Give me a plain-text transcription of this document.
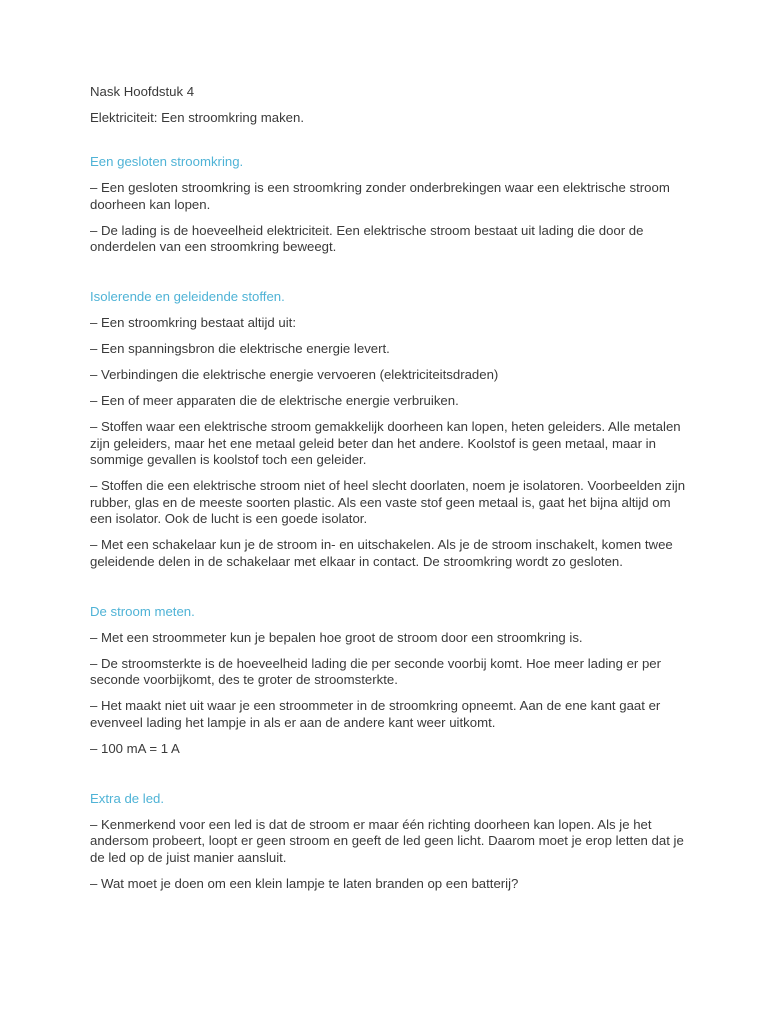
Nask Hoofdstuk 4
Elektriciteit: Een stroomkring maken.
Een gesloten stroomkring.
– Een gesloten stroomkring is een stroomkring zonder onderbrekingen waar een elektrische stroom doorheen kan lopen.
– De lading is de hoeveelheid elektriciteit. Een elektrische stroom bestaat uit lading die door de onderdelen van een stroomkring beweegt.
Isolerende en geleidende stoffen.
– Een stroomkring bestaat altijd uit:
– Een spanningsbron die elektrische energie levert.
– Verbindingen die elektrische energie vervoeren (elektriciteitsdraden)
– Een of meer apparaten die de elektrische energie verbruiken.
– Stoffen waar een elektrische stroom gemakkelijk doorheen kan lopen, heten geleiders. Alle metalen zijn geleiders, maar het ene metaal geleid beter dan het andere. Koolstof is geen metaal, maar in sommige gevallen is koolstof toch een geleider.
– Stoffen die een elektrische stroom niet of heel slecht doorlaten, noem je isolatoren. Voorbeelden zijn rubber, glas en de meeste soorten plastic. Als een vaste stof geen metaal is, gaat het bijna altijd om een isolator. Ook de lucht is een goede isolator.
– Met een schakelaar kun je de stroom in- en uitschakelen. Als je de stroom inschakelt, komen twee geleidende delen in de schakelaar met elkaar in contact. De stroomkring wordt zo gesloten.
De stroom meten.
– Met een stroommeter kun je bepalen hoe groot de stroom door een stroomkring is.
– De stroomsterkte is de hoeveelheid lading die per seconde voorbij komt. Hoe meer lading er per seconde voorbijkomt, des te groter de stroomsterkte.
– Het maakt niet uit waar je een stroommeter in de stroomkring opneemt. Aan de ene kant gaat er evenveel lading het lampje in als er aan de andere kant weer uitkomt.
– 100 mA = 1 A
Extra de led.
– Kenmerkend voor een led is dat de stroom er maar één richting doorheen kan lopen. Als je het andersom probeert, loopt er geen stroom en geeft de led geen licht. Daarom moet je erop letten dat je de led op de juist manier aansluit.
– Wat moet je doen om een klein lampje te laten branden op een batterij?
